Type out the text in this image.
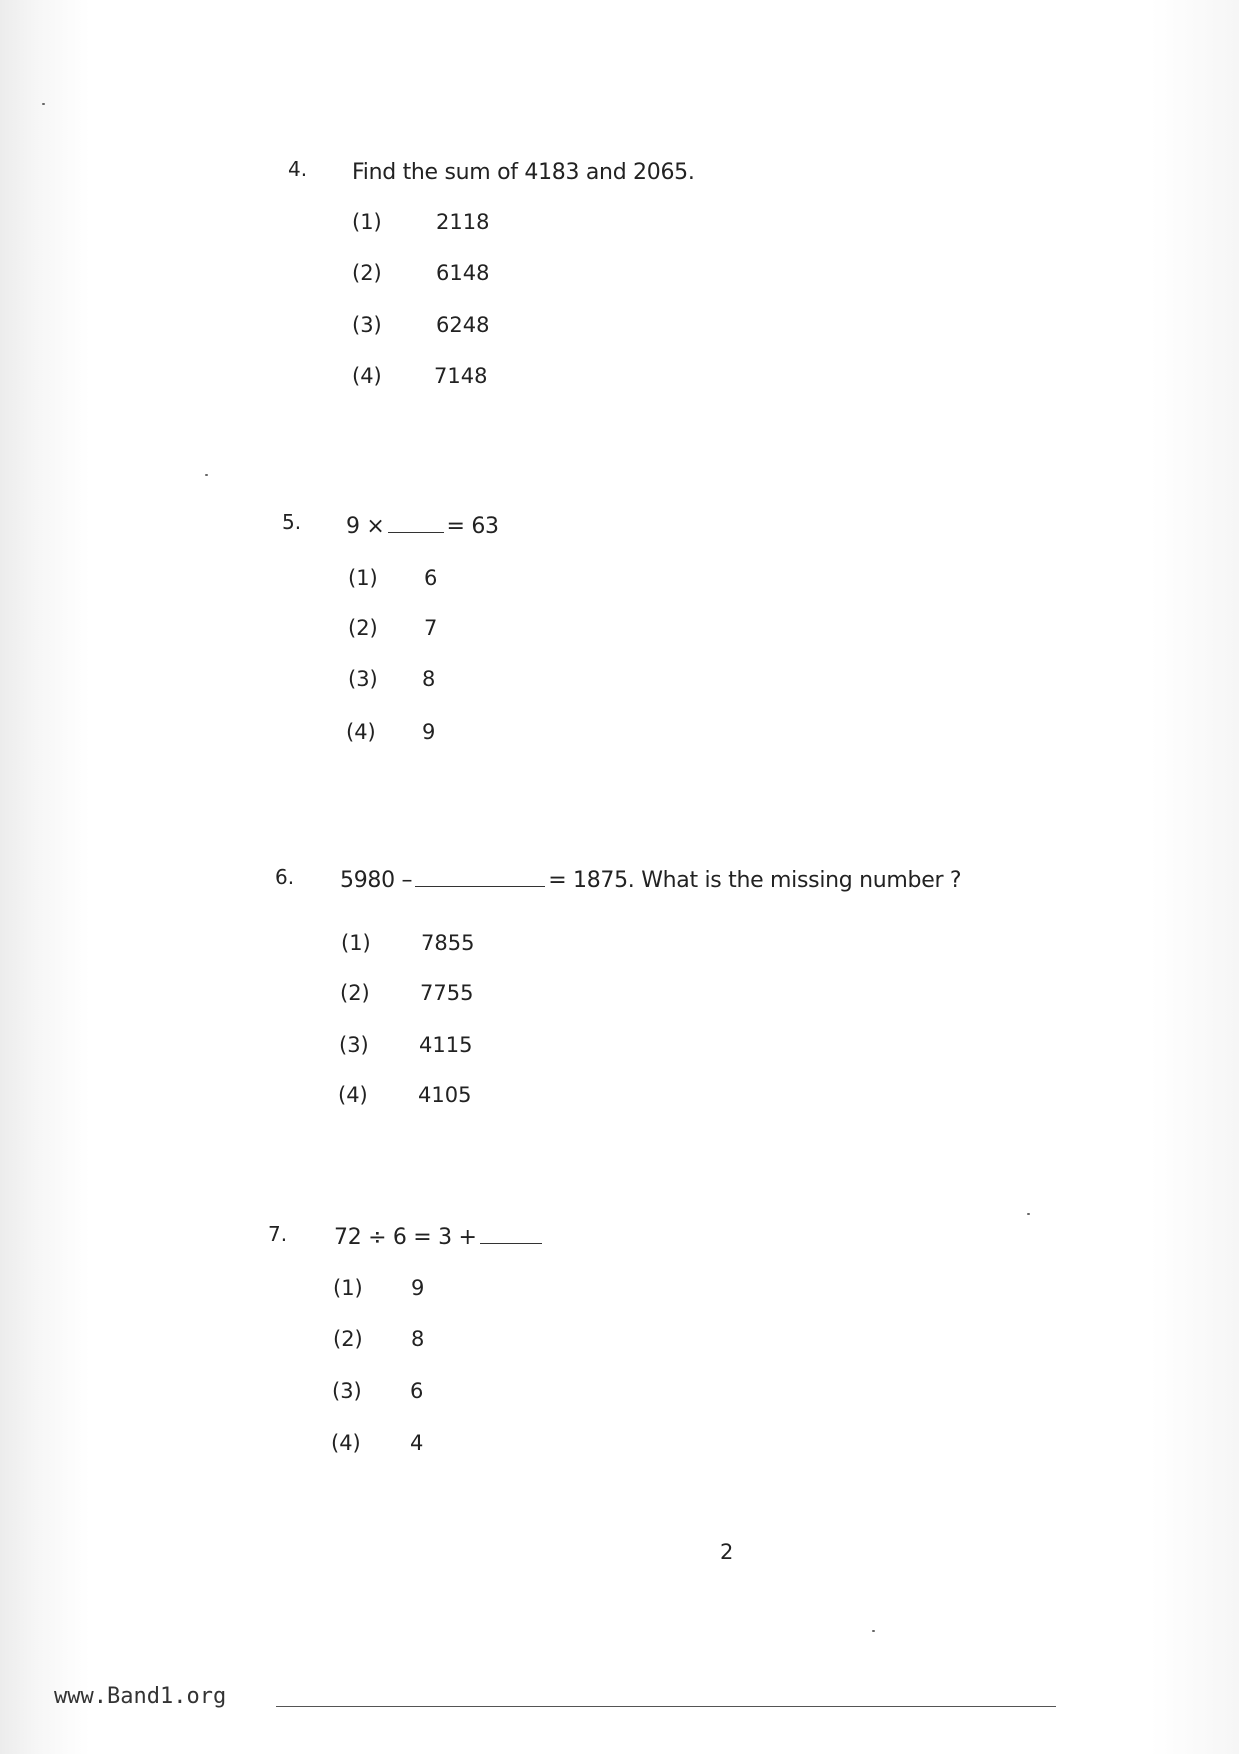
4. Find the sum of 4183 and 2065.
(1)	2118
(2)	6148
(3)	6248
(4) 7148
5. 9 ×	= 63
(1) 6
(2) 7
(3) 8
(4) 9
6. 5980 –	= 1875. What is the missing number ?
(1) 7855
(2) 7755
(3) 4115
(4) 4105
7. 72 ÷ 6 = 3 +
(1) 9
(2) 8
(3) 6
(4) 4
2
www.Band1.org
